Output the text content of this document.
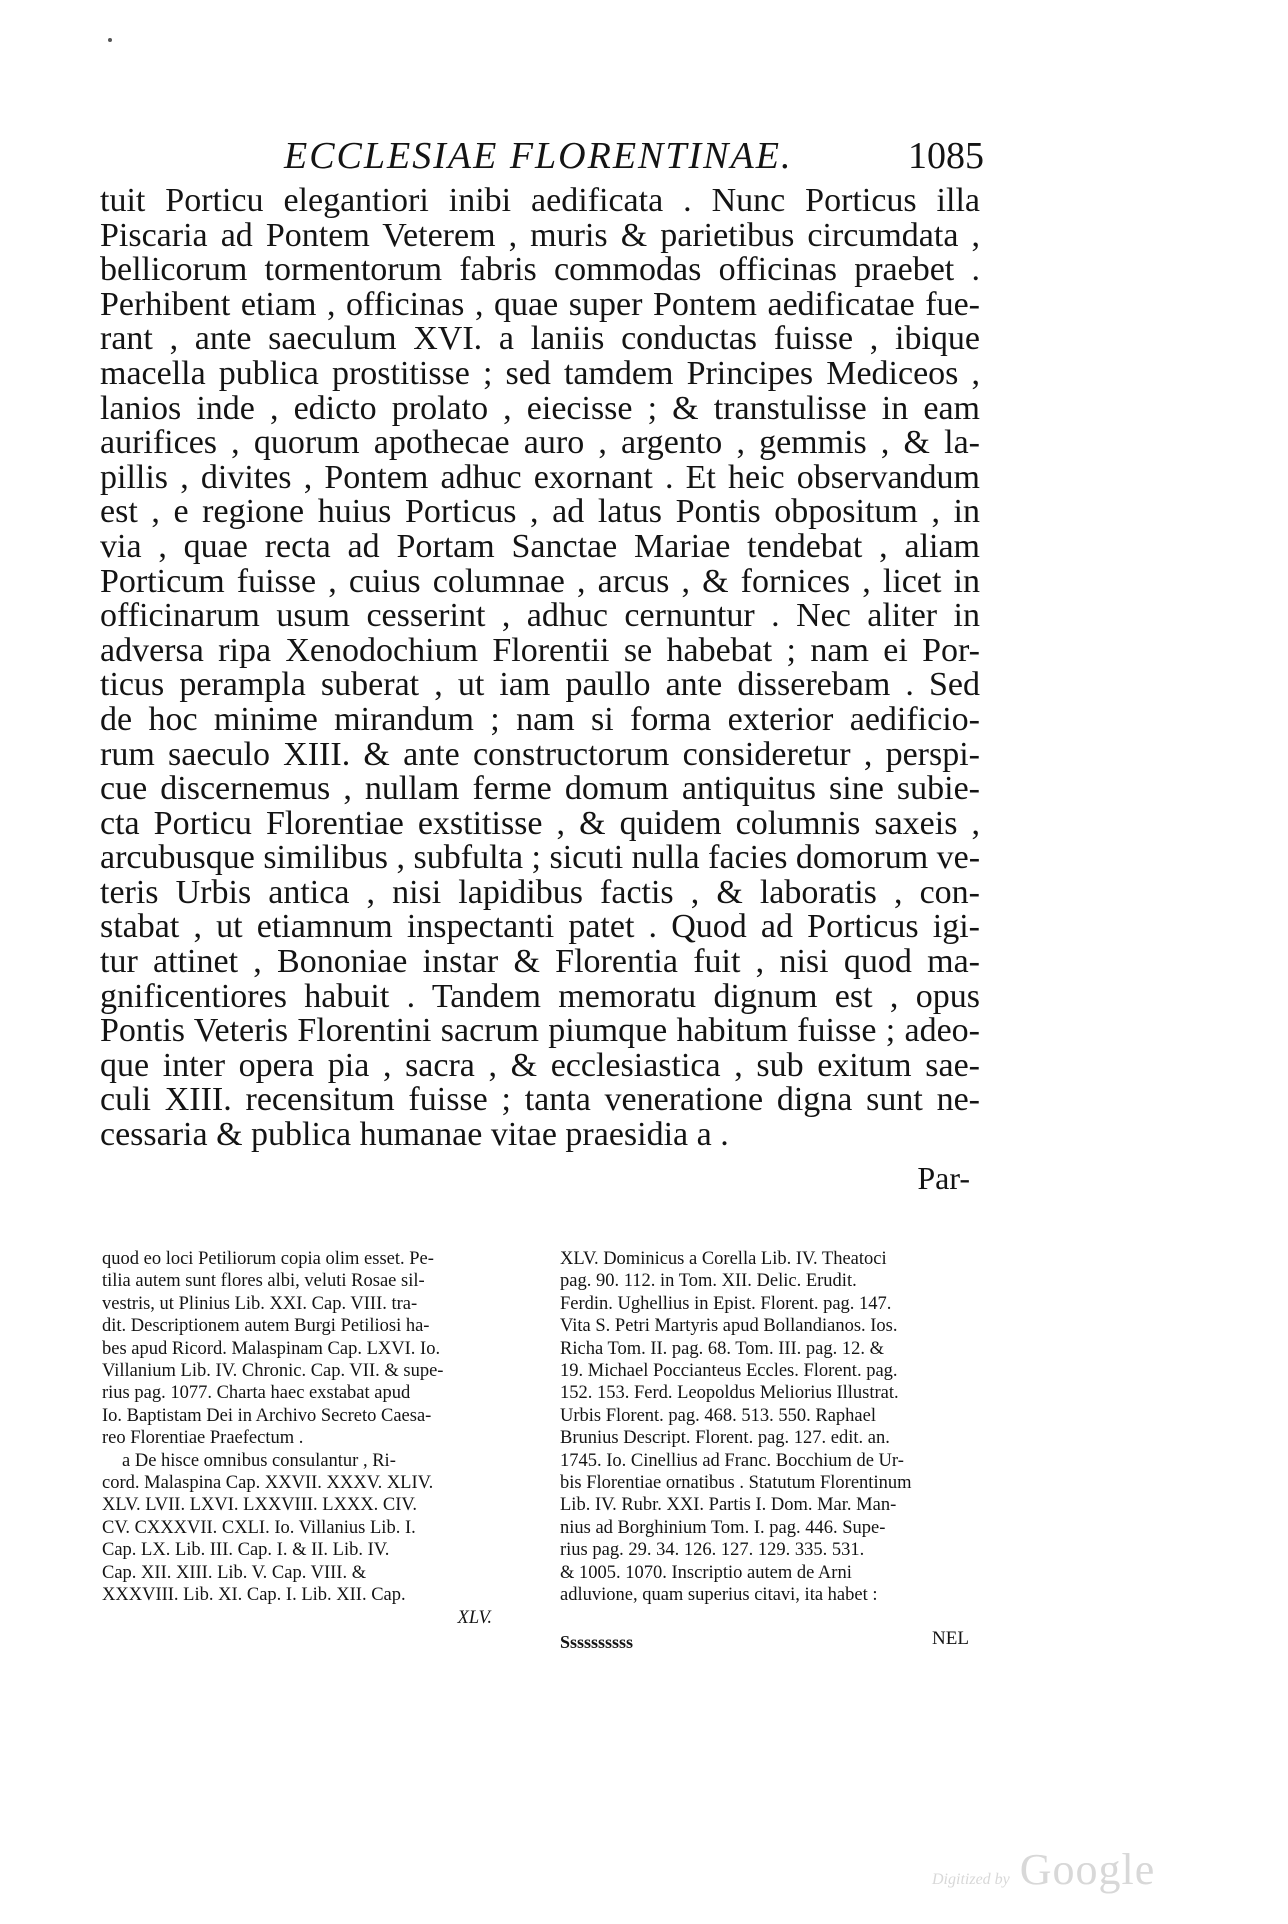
ECCLESIAE FLORENTINAE.	1085
tuit Porticu elegantiori inibi aedificata . Nunc Porticus illa
Piscaria ad Pontem Veterem , muris & parietibus circumdata ,
bellicorum tormentorum fabris commodas officinas praebet .
Perhibent etiam , officinas , quae super Pontem aedificatae fue-
rant , ante saeculum XVI. a laniis conductas fuisse , ibique
macella publica prostitisse ; sed tamdem Principes Mediceos ,
lanios inde , edicto prolato , eiecisse ; & transtulisse in eam
aurifices , quorum apothecae auro , argento , gemmis , & la-
pillis , divites , Pontem adhuc exornant . Et heic observandum
est , e regione huius Porticus , ad latus Pontis obpositum , in
via , quae recta ad Portam Sanctae Mariae tendebat , aliam
Porticum fuisse , cuius columnae , arcus , & fornices , licet in
officinarum usum cesserint , adhuc cernuntur . Nec aliter in
adversa ripa Xenodochium Florentii se habebat ; nam ei Por-
ticus perampla suberat , ut iam paullo ante disserebam . Sed
de hoc minime mirandum ; nam si forma exterior aedificio-
rum saeculo XIII. & ante constructorum consideretur , perspi-
cue discernemus , nullam ferme domum antiquitus sine subie-
cta Porticu Florentiae exstitisse , & quidem columnis saxeis ,
arcubusque similibus , subfulta ; sicuti nulla facies domorum ve-
teris Urbis antica , nisi lapidibus factis , & laboratis , con-
stabat , ut etiamnum inspectanti patet . Quod ad Porticus igi-
tur attinet , Bononiae instar & Florentia fuit , nisi quod ma-
gnificentiores habuit . Tandem memoratu dignum est , opus
Pontis Veteris Florentini sacrum piumque habitum fuisse ; adeo-
que inter opera pia , sacra , & ecclesiastica , sub exitum sae-
culi XIII. recensitum fuisse ; tanta veneratione digna sunt ne-
cessaria & publica humanae vitae praesidia a .
Par-
quod eo loci Petiliorum copia olim esset. Pe-
tilia autem sunt flores albi, veluti Rosae sil-
vestris, ut Plinius Lib. XXI. Cap. VIII. tra-
dit. Descriptionem autem Burgi Petiliosi ha-
bes apud Ricord. Malaspinam Cap. LXVI. Io.
Villanium Lib. IV. Chronic. Cap. VII. & supe-
rius pag. 1077. Charta haec exstabat apud
Io. Baptistam Dei in Archivo Secreto Caesa-
reo Florentiae Praefectum .
a De hisce omnibus consulantur , Ri-
cord. Malaspina Cap. XXVII. XXXV. XLIV.
XLV. LVII. LXVI. LXXVIII. LXXX. CIV.
CV. CXXXVII. CXLI. Io. Villanius Lib. I.
Cap. LX. Lib. III. Cap. I. & II. Lib. IV.
Cap. XII. XIII. Lib. V. Cap. VIII. &
XXXVIII. Lib. XI. Cap. I. Lib. XII. Cap.
XLV.
XLV. Dominicus a Corella Lib. IV. Theatoci
pag. 90. 112. in Tom. XII. Delic. Erudit.
Ferdin. Ughellius in Epist. Florent. pag. 147.
Vita S. Petri Martyris apud Bollandianos. Ios.
Richa Tom. II. pag. 68. Tom. III. pag. 12. &
19. Michael Poccianteus Eccles. Florent. pag.
152. 153. Ferd. Leopoldus Meliorius Illustrat.
Urbis Florent. pag. 468. 513. 550. Raphael
Brunius Descript. Florent. pag. 127. edit. an.
1745. Io. Cinellius ad Franc. Bocchium de Ur-
bis Florentiae ornatibus . Statutum Florentinum
Lib. IV. Rubr. XXI. Partis I. Dom. Mar. Man-
nius ad Borghinium Tom. I. pag. 446. Supe-
rius pag. 29. 34. 126. 127. 129. 335. 531.
& 1005. 1070. Inscriptio autem de Arni
adluvione, quam superius citavi, ita habet :
Ssssssssss	NEL
Digitized by Google
